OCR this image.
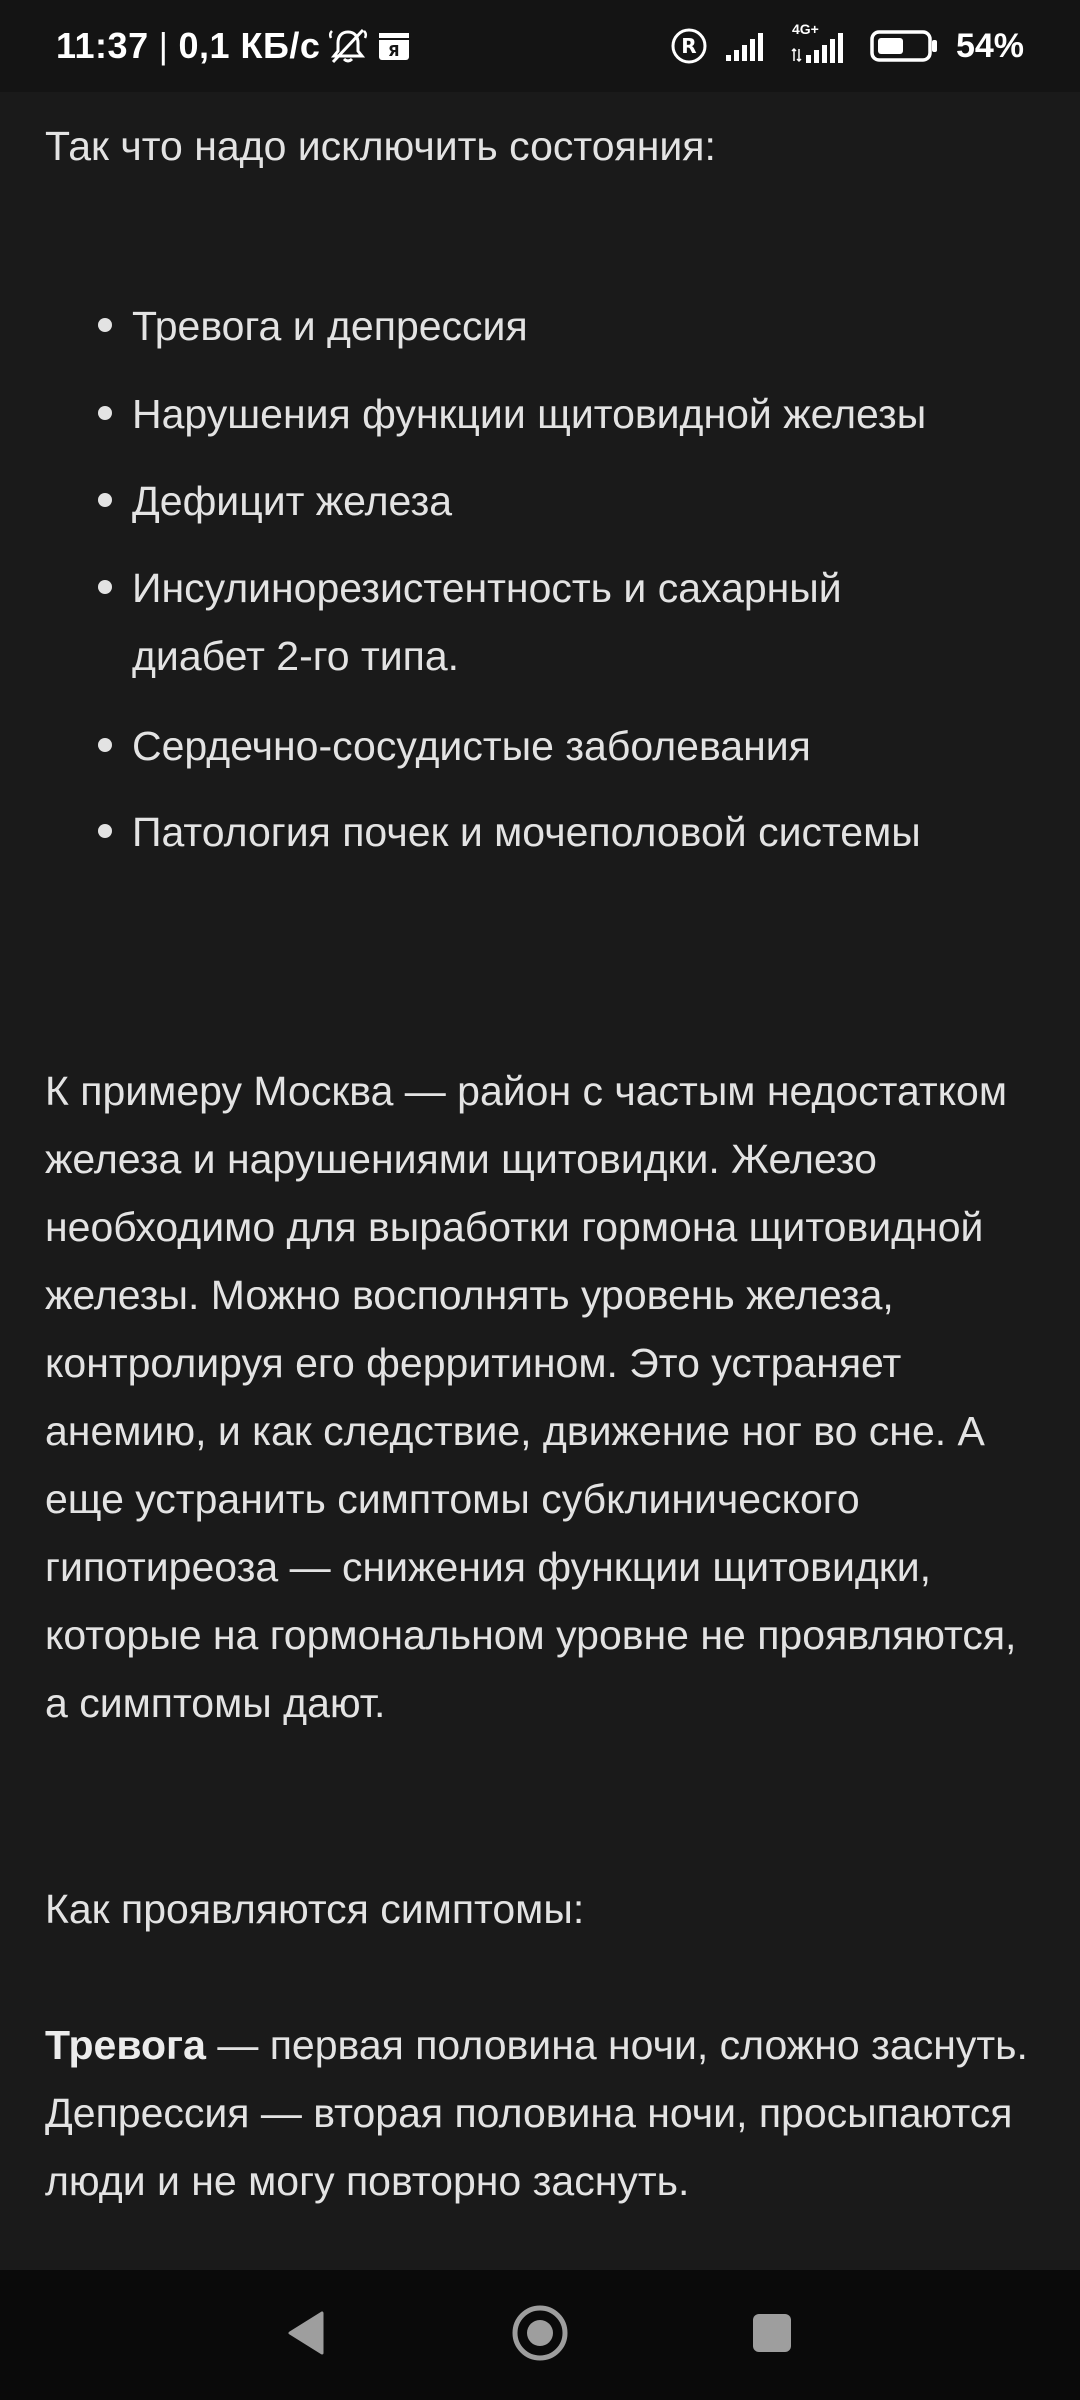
11:37 | 0,1 КБ/с	Я	R
4G+	54%

Так что надо исключить состояния:

Тревога и депрессия
Нарушения функции щитовидной железы
Дефицит железа
Инсулинорезистентность и сахарный диабет 2-го типа.
Сердечно-сосудистые заболевания
Патология почек и мочеполовой системы

К примеру Москва — район с частым недостатком железа и нарушениями щитовидки. Железо необходимо для выработки гормона щитовидной железы. Можно восполнять уровень железа, контролируя его ферритином. Это устраняет анемию, и как следствие, движение ног во сне. А еще устранить симптомы субклинического гипотиреоза — снижения функции щитовидки, которые на гормональном уровне не проявляются, а симптомы дают.

Как проявляются симптомы:

Тревога — первая половина ночи, сложно заснуть. Депрессия — вторая половина ночи, просыпаются люди и не могу повторно заснуть.
